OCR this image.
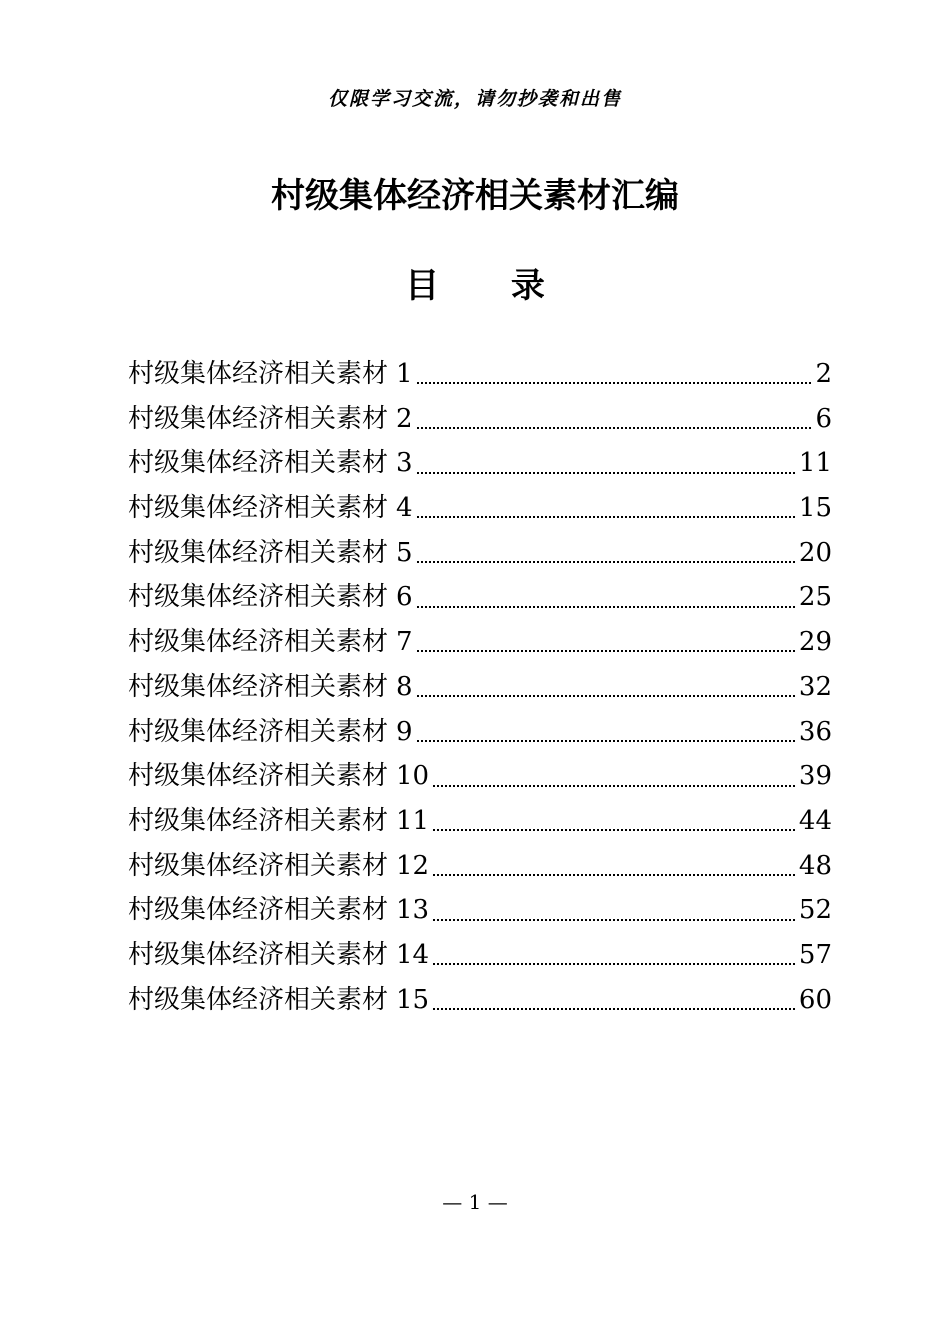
仅限学习交流，请勿抄袭和出售
村级集体经济相关素材汇编
目 录
村级集体经济相关素材 1	2
村级集体经济相关素材 2	6
村级集体经济相关素材 3	11
村级集体经济相关素材 4	15
村级集体经济相关素材 5	20
村级集体经济相关素材 6	25
村级集体经济相关素材 7	29
村级集体经济相关素材 8	32
村级集体经济相关素材 9	36
村级集体经济相关素材 10	39
村级集体经济相关素材 11	44
村级集体经济相关素材 12	48
村级集体经济相关素材 13	52
村级集体经济相关素材 14	57
村级集体经济相关素材 15	60
— 1 —
